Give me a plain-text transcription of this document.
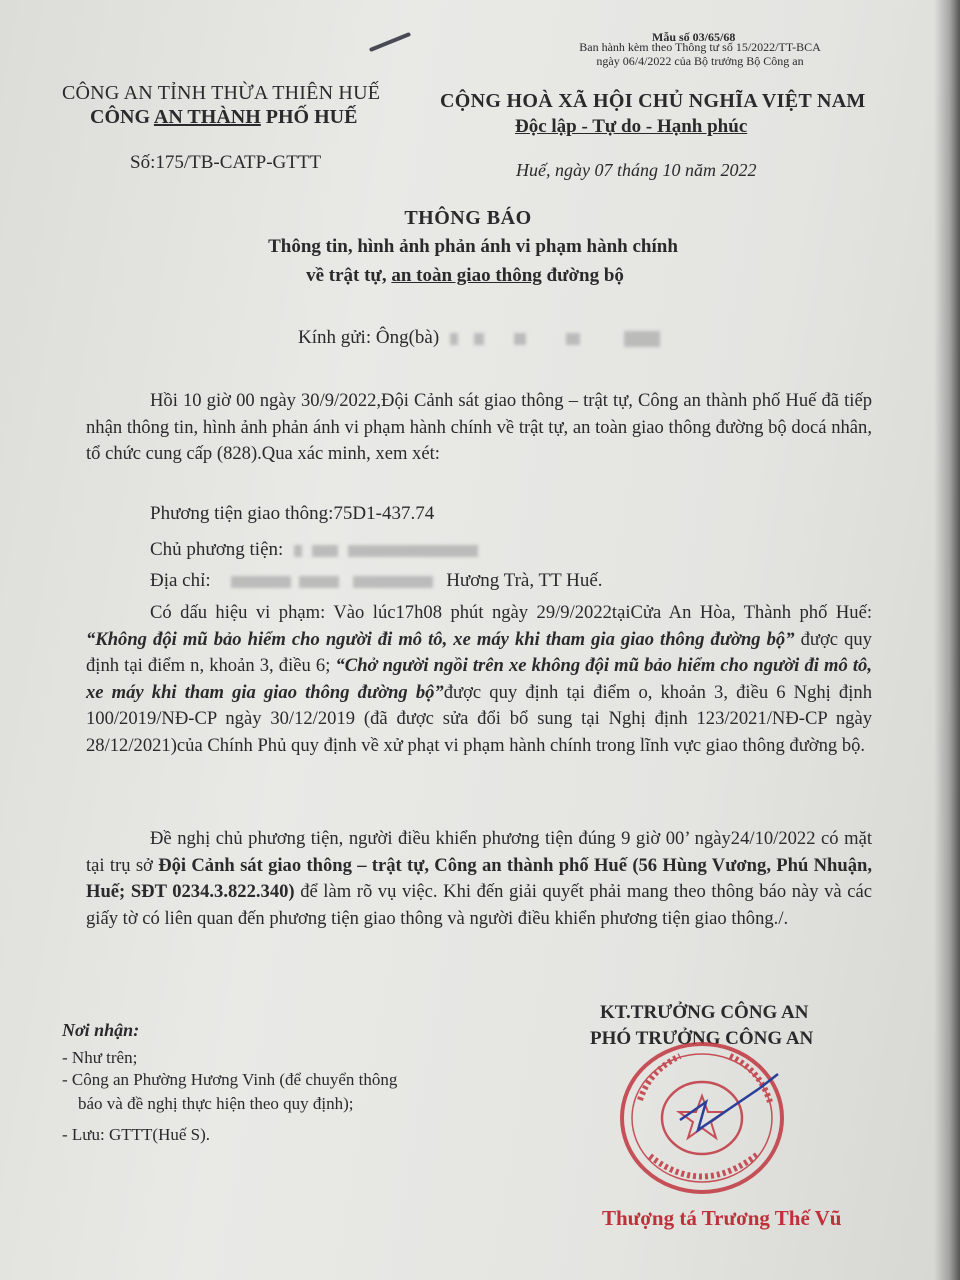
Mẫu số 03/65/68
Ban hành kèm theo Thông tư số 15/2022/TT-BCA
ngày 06/4/2022 của Bộ trưởng Bộ Công an
CÔNG AN TỈNH THỪA THIÊN HUẾ
CÔNG AN THÀNH PHỐ HUẾ
CỘNG HOÀ XÃ HỘI CHỦ NGHĨA VIỆT NAM
Độc lập - Tự do - Hạnh phúc
Số:175/TB-CATP-GTTT	Huế, ngày 07 tháng 10 năm 2022
THÔNG BÁO
Thông tin, hình ảnh phản ánh vi phạm hành chính
về trật tự, an toàn giao thông đường bộ
Kính gửi: Ông(bà)
Hồi 10 giờ 00 ngày 30/9/2022,Đội Cảnh sát giao thông – trật tự, Công an thành phố Huế đã tiếp nhận thông tin, hình ảnh phản ánh vi phạm hành chính về trật tự, an toàn giao thông đường bộ docá nhân, tổ chức cung cấp (828).Qua xác minh, xem xét:
Phương tiện giao thông:75D1-437.74
Chủ phương tiện:
Địa chỉ:	Hương Trà, TT Huế.
Có dấu hiệu vi phạm: Vào lúc17h08 phút ngày 29/9/2022tạiCửa An Hòa, Thành phố Huế: “Không đội mũ bảo hiểm cho người đi mô tô, xe máy khi tham gia giao thông đường bộ” được quy định tại điểm n, khoản 3, điều 6; “Chở người ngồi trên xe không đội mũ bảo hiểm cho người đi mô tô, xe máy khi tham gia giao thông đường bộ”được quy định tại điểm o, khoản 3, điều 6 Nghị định 100/2019/NĐ-CP ngày 30/12/2019 (đã được sửa đổi bổ sung tại Nghị định 123/2021/NĐ-CP ngày 28/12/2021)của Chính Phủ quy định về xử phạt vi phạm hành chính trong lĩnh vực giao thông đường bộ.
Đề nghị chủ phương tiện, người điều khiển phương tiện đúng 9 giờ 00’ ngày24/10/2022 có mặt tại trụ sở Đội Cảnh sát giao thông – trật tự, Công an thành phố Huế (56 Hùng Vương, Phú Nhuận, Huế; SĐT 0234.3.822.340) để làm rõ vụ việc. Khi đến giải quyết phải mang theo thông báo này và các giấy tờ có liên quan đến phương tiện giao thông và người điều khiển phương tiện giao thông./.
Nơi nhận:
- Như trên;
- Công an Phường Hương Vinh (để chuyển thông
báo và đề nghị thực hiện theo quy định);
- Lưu: GTTT(Huế S).
KT.TRƯỞNG CÔNG AN
PHÓ TRƯỞNG CÔNG AN
Thượng tá Trương Thế Vũ
